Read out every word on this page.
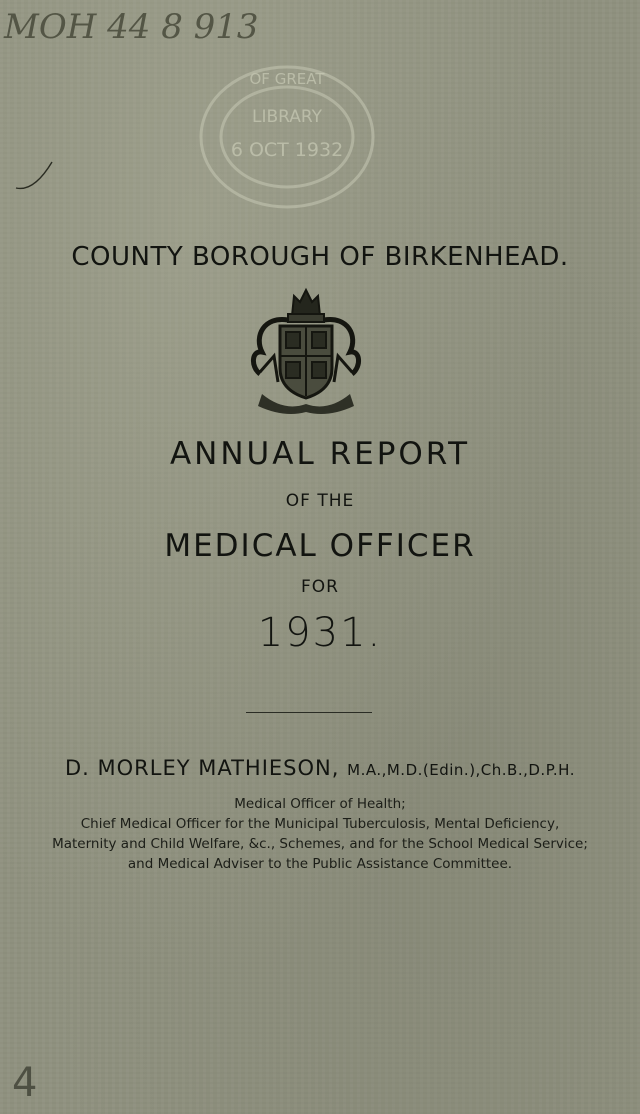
MOH 44 8 913
OF GREAT
LIBRARY
6 OCT 1932
COUNTY BOROUGH OF BIRKENHEAD.
ANNUAL REPORT
OF THE
MEDICAL OFFICER
FOR
1931.
D. MORLEY MATHIESON, M.A.,M.D.(Edin.),Ch.B.,D.P.H.
Medical Officer of Health;
Chief Medical Officer for the Municipal Tuberculosis, Mental Deficiency,
Maternity and Child Welfare, &c., Schemes, and for the School Medical Service;
and Medical Adviser to the Public Assistance Committee.
4
